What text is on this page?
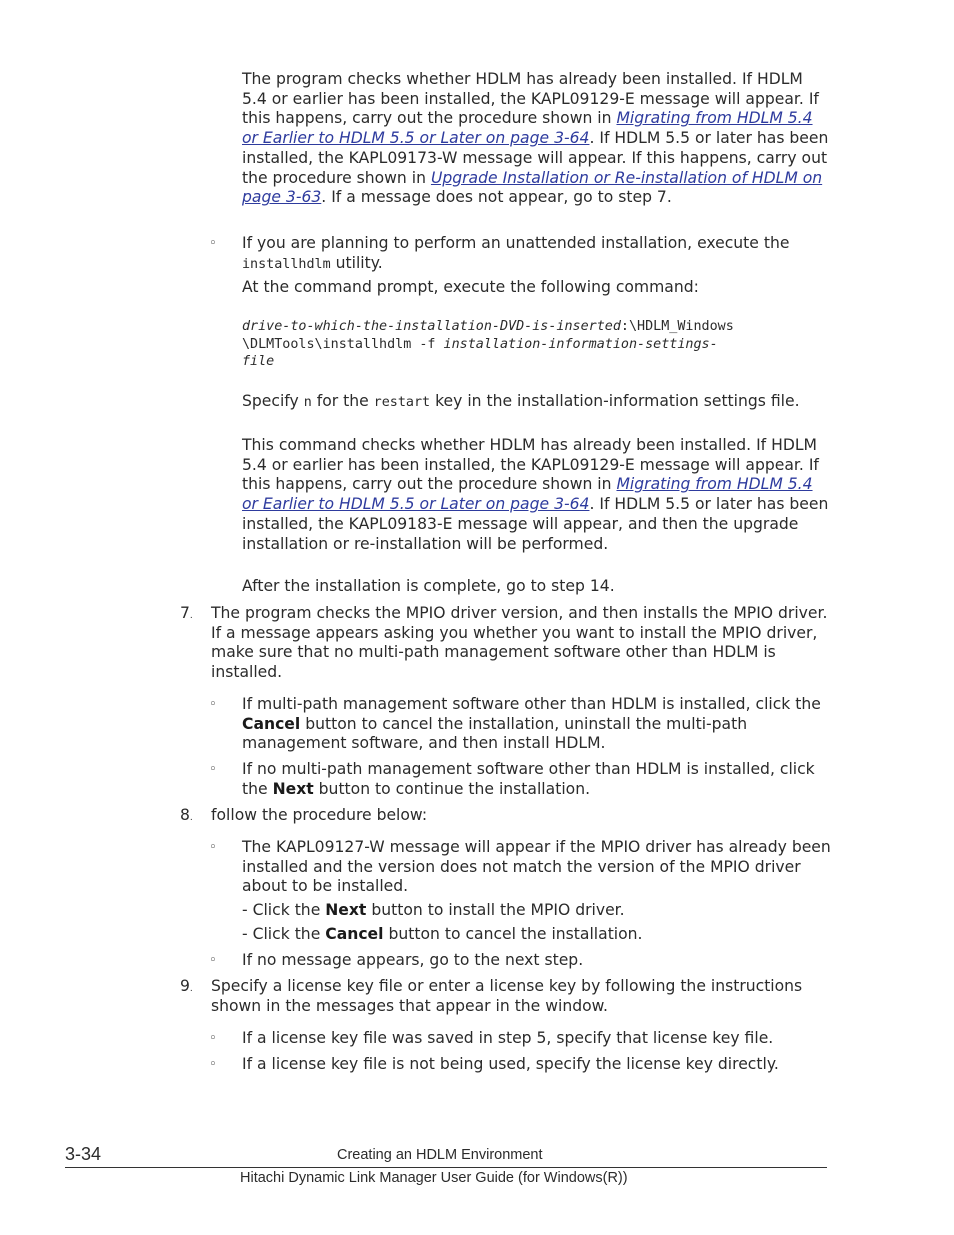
The program checks whether HDLM has already been installed. If HDLM 5.4 or earlier has been installed, the KAPL09129-E message will appear. If this happens, carry out the procedure shown in Migrating from HDLM 5.4 or Earlier to HDLM 5.5 or Later on page 3-64. If HDLM 5.5 or later has been installed, the KAPL09173-W message will appear. If this happens, carry out the procedure shown in Upgrade Installation or Re-installation of HDLM on page 3-63. If a message does not appear, go to step 7.

◦ If you are planning to perform an unattended installation, execute the installhdlm utility.

At the command prompt, execute the following command:

drive-to-which-the-installation-DVD-is-inserted:\HDLM_Windows
\DLMTools\installhdlm -f installation-information-settings-
file

Specify n for the restart key in the installation-information settings file.

This command checks whether HDLM has already been installed. If HDLM 5.4 or earlier has been installed, the KAPL09129-E message will appear. If this happens, carry out the procedure shown in Migrating from HDLM 5.4 or Earlier to HDLM 5.5 or Later on page 3-64. If HDLM 5.5 or later has been installed, the KAPL09183-E message will appear, and then the upgrade installation or re-installation will be performed.

After the installation is complete, go to step 14.

7. The program checks the MPIO driver version, and then installs the MPIO driver. If a message appears asking you whether you want to install the MPIO driver, make sure that no multi-path management software other than HDLM is installed.

◦ If multi-path management software other than HDLM is installed, click the Cancel button to cancel the installation, uninstall the multi-path management software, and then install HDLM.

◦ If no multi-path management software other than HDLM is installed, click the Next button to continue the installation.

8. follow the procedure below:

◦ The KAPL09127-W message will appear if the MPIO driver has already been installed and the version does not match the version of the MPIO driver about to be installed.

- Click the Next button to install the MPIO driver.

- Click the Cancel button to cancel the installation.

◦ If no message appears, go to the next step.

9. Specify a license key file or enter a license key by following the instructions shown in the messages that appear in the window.

◦ If a license key file was saved in step 5, specify that license key file.

◦ If a license key file is not being used, specify the license key directly.

3-34	Creating an HDLM Environment
Hitachi Dynamic Link Manager User Guide (for Windows(R))
